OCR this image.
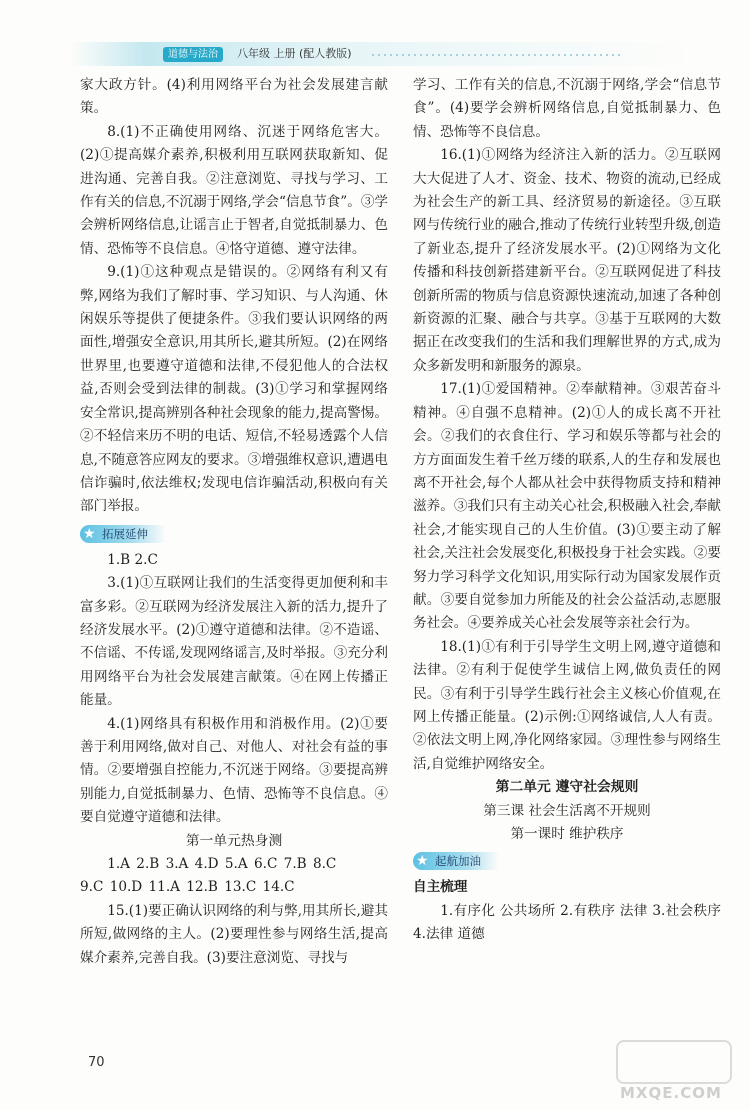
道德与法治	八年级 上册 (配人教版)

家大政方针。(4)利用网络平台为社会发展建言献策。

8.(1)不正确使用网络、沉迷于网络危害大。(2)①提高媒介素养,积极利用互联网获取新知、促进沟通、完善自我。②注意浏览、寻找与学习、工作有关的信息,不沉溺于网络,学会“信息节食”。③学会辨析网络信息,让谣言止于智者,自觉抵制暴力、色情、恐怖等不良信息。④恪守道德、遵守法律。

9.(1)①这种观点是错误的。②网络有利又有弊,网络为我们了解时事、学习知识、与人沟通、休闲娱乐等提供了便捷条件。③我们要认识网络的两面性,增强安全意识,用其所长,避其所短。(2)在网络世界里,也要遵守道德和法律,不侵犯他人的合法权益,否则会受到法律的制裁。(3)①学习和掌握网络安全常识,提高辨别各种社会现象的能力,提高警惕。②不轻信来历不明的电话、短信,不轻易透露个人信息,不随意答应网友的要求。③增强维权意识,遭遇电信诈骗时,依法维权;发现电信诈骗活动,积极向有关部门举报。

★ 拓展延伸

1.B 2.C

3.(1)①互联网让我们的生活变得更加便利和丰富多彩。②互联网为经济发展注入新的活力,提升了经济发展水平。(2)①遵守道德和法律。②不造谣、不信谣、不传谣,发现网络谣言,及时举报。③充分利用网络平台为社会发展建言献策。④在网上传播正能量。

4.(1)网络具有积极作用和消极作用。(2)①要善于利用网络,做对自己、对他人、对社会有益的事情。②要增强自控能力,不沉迷于网络。③要提高辨别能力,自觉抵制暴力、色情、恐怖等不良信息。④要自觉遵守道德和法律。

第一单元热身测

1.A 2.B 3.A 4.D 5.A 6.C 7.B 8.C

9.C 10.D 11.A 12.B 13.C 14.C

15.(1)要正确认识网络的利与弊,用其所长,避其所短,做网络的主人。(2)要理性参与网络生活,提高媒介素养,完善自我。(3)要注意浏览、寻找与

学习、工作有关的信息,不沉溺于网络,学会“信息节食”。(4)要学会辨析网络信息,自觉抵制暴力、色情、恐怖等不良信息。

16.(1)①网络为经济注入新的活力。②互联网大大促进了人才、资金、技术、物资的流动,已经成为社会生产的新工具、经济贸易的新途径。③互联网与传统行业的融合,推动了传统行业转型升级,创造了新业态,提升了经济发展水平。(2)①网络为文化传播和科技创新搭建新平台。②互联网促进了科技创新所需的物质与信息资源快速流动,加速了各种创新资源的汇聚、融合与共享。③基于互联网的大数据正在改变我们的生活和我们理解世界的方式,成为众多新发明和新服务的源泉。

17.(1)①爱国精神。②奉献精神。③艰苦奋斗精神。④自强不息精神。(2)①人的成长离不开社会。②我们的衣食住行、学习和娱乐等都与社会的方方面面发生着千丝万缕的联系,人的生存和发展也离不开社会,每个人都从社会中获得物质支持和精神滋养。③我们只有主动关心社会,积极融入社会,奉献社会,才能实现自己的人生价值。(3)①要主动了解社会,关注社会发展变化,积极投身于社会实践。②要努力学习科学文化知识,用实际行动为国家发展作贡献。③要自觉参加力所能及的社会公益活动,志愿服务社会。④要养成关心社会发展等亲社会行为。

18.(1)①有利于引导学生文明上网,遵守道德和法律。②有利于促使学生诚信上网,做负责任的网民。③有利于引导学生践行社会主义核心价值观,在网上传播正能量。(2)示例:①网络诚信,人人有责。②依法文明上网,净化网络家园。③理性参与网络生活,自觉维护网络安全。

第二单元 遵守社会规则

第三课 社会生活离不开规则

第一课时 维护秩序

★ 起航加油

自主梳理

1.有序化 公共场所 2.有秩序 法律 3.社会秩序 4.法律 道德

70
MXQE.COM
